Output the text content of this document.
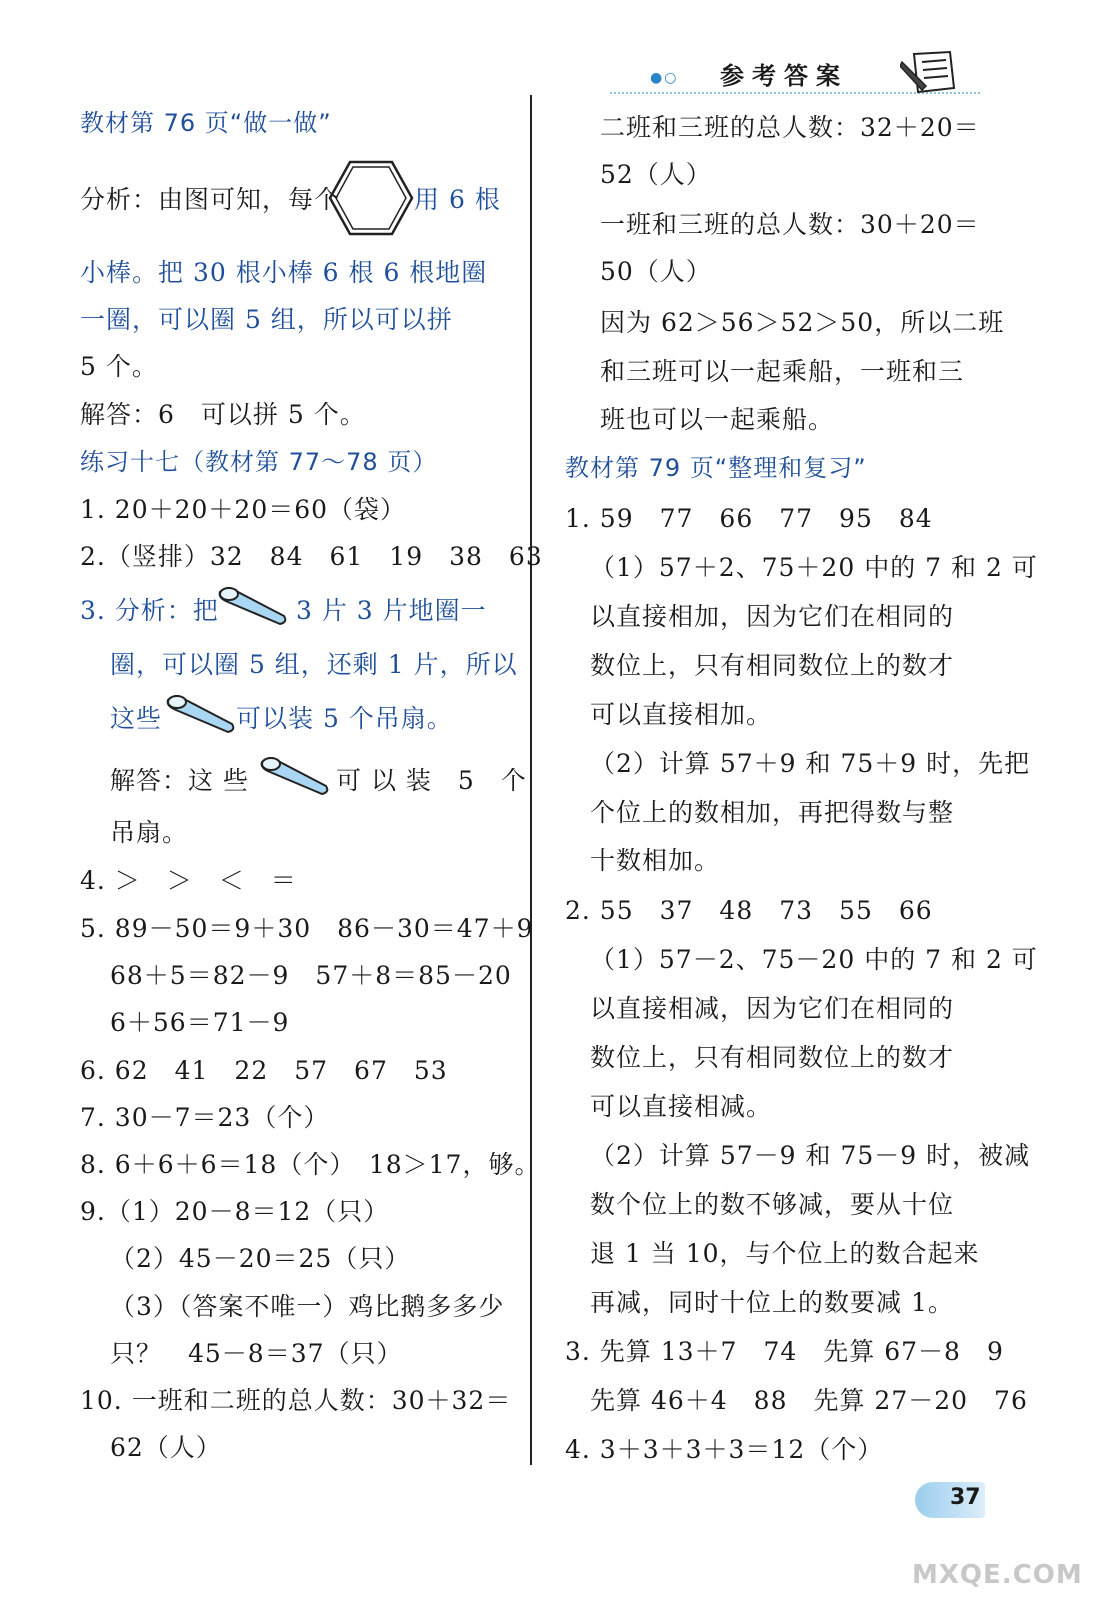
●○ 参考答案
教材第 76 页“做一做”
分析：由图可知，每个	用 6 根
小棒。把 30 根小棒 6 根 6 根地圈
一圈，可以圈 5 组，所以可以拼
5 个。
解答：6　可以拼 5 个。
练习十七（教材第 77～78 页）
1. 20＋20＋20＝60（袋）
2.（竖排）32　84　61　19　38　63
3. 分析：把	3 片 3 片地圈一
圈，可以圈 5 组，还剩 1 片，所以
这些	可以装 5 个吊扇。
解答：这 些	可 以 装　5　个
吊扇。
4. ＞　＞　＜　＝
5. 89－50＝9＋30　86－30＝47＋9
68＋5＝82－9　57＋8＝85－20
6＋56＝71－9
6. 62　41　22　57　67　53
7. 30－7＝23（个）
8. 6＋6＋6＝18（个）　18＞17，够。
9.（1）20－8＝12（只）
（2）45－20＝25（只）
（3）（答案不唯一）鸡比鹅多多少
只？　45－8＝37（只）
10. 一班和二班的总人数：30＋32＝
62（人）
二班和三班的总人数：32＋20＝
52（人）
一班和三班的总人数：30＋20＝
50（人）
因为 62＞56＞52＞50，所以二班
和三班可以一起乘船，一班和三
班也可以一起乘船。
教材第 79 页“整理和复习”
1. 59　77　66　77　95　84
（1）57＋2、75＋20 中的 7 和 2 可
以直接相加，因为它们在相同的
数位上，只有相同数位上的数才
可以直接相加。
（2）计算 57＋9 和 75＋9 时，先把
个位上的数相加，再把得数与整
十数相加。
2. 55　37　48　73　55　66
（1）57－2、75－20 中的 7 和 2 可
以直接相减，因为它们在相同的
数位上，只有相同数位上的数才
可以直接相减。
（2）计算 57－9 和 75－9 时，被减
数个位上的数不够减，要从十位
退 1 当 10，与个位上的数合起来
再减，同时十位上的数要减 1。
3. 先算 13＋7　74　先算 67－8　9
先算 46＋4　88　先算 27－20　76
4. 3＋3＋3＋3＝12（个）
37
MXQE.COM
